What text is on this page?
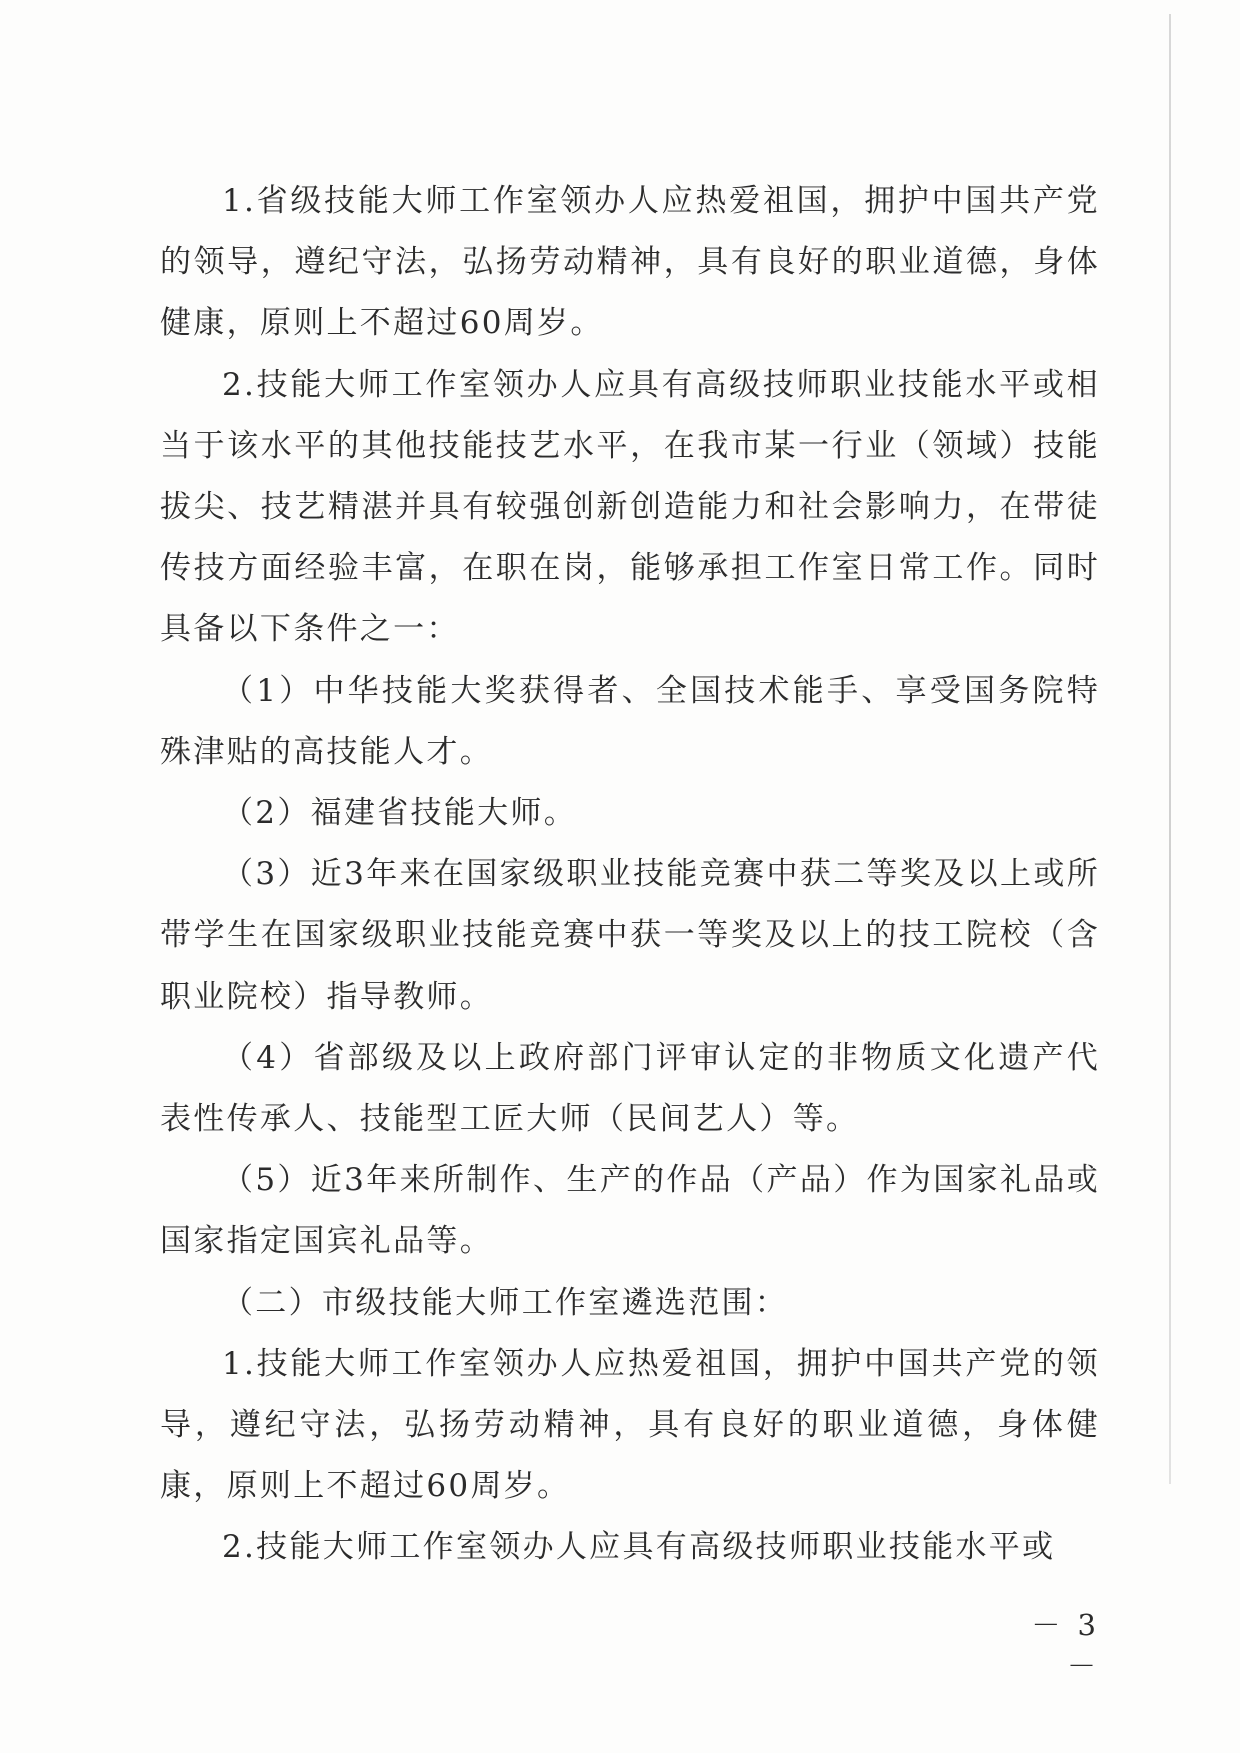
1.省级技能大师工作室领办人应热爱祖国，拥护中国共产党的领导，遵纪守法，弘扬劳动精神，具有良好的职业道德，身体健康，原则上不超过60周岁。

2.技能大师工作室领办人应具有高级技师职业技能水平或相当于该水平的其他技能技艺水平，在我市某一行业（领域）技能拔尖、技艺精湛并具有较强创新创造能力和社会影响力，在带徒传技方面经验丰富，在职在岗，能够承担工作室日常工作。同时具备以下条件之一：

（1）中华技能大奖获得者、全国技术能手、享受国务院特殊津贴的高技能人才。

（2）福建省技能大师。

（3）近3年来在国家级职业技能竞赛中获二等奖及以上或所带学生在国家级职业技能竞赛中获一等奖及以上的技工院校（含职业院校）指导教师。

（4）省部级及以上政府部门评审认定的非物质文化遗产代表性传承人、技能型工匠大师（民间艺人）等。

（5）近3年来所制作、生产的作品（产品）作为国家礼品或国家指定国宾礼品等。

（二）市级技能大师工作室遴选范围：

1.技能大师工作室领办人应热爱祖国，拥护中国共产党的领导，遵纪守法，弘扬劳动精神，具有良好的职业道德，身体健康，原则上不超过60周岁。

2.技能大师工作室领办人应具有高级技师职业技能水平或

－ 3 －
